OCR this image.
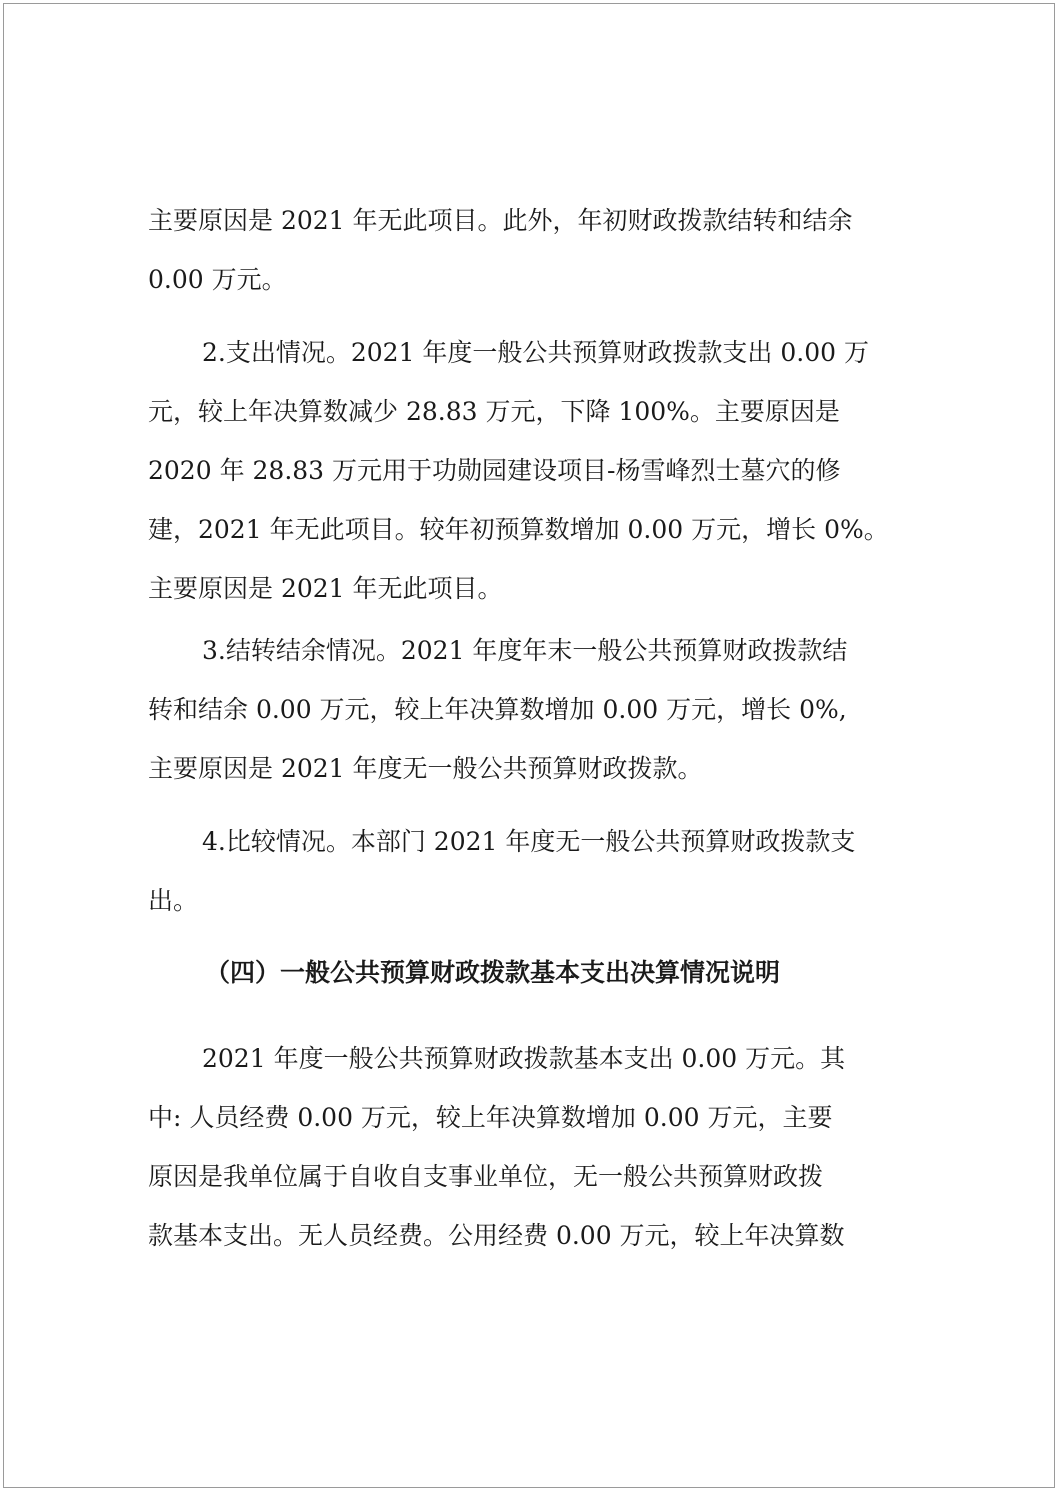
主要原因是 2021 年无此项目。此外，年初财政拨款结转和结余
0.00 万元。
2.支出情况。2021 年度一般公共预算财政拨款支出 0.00 万
元，较上年决算数减少 28.83 万元，下降 100%。主要原因是
2020 年 28.83 万元用于功勋园建设项目-杨雪峰烈士墓穴的修
建，2021 年无此项目。较年初预算数增加 0.00 万元，增长 0%。
主要原因是 2021 年无此项目。
3.结转结余情况。2021 年度年末一般公共预算财政拨款结
转和结余 0.00 万元，较上年决算数增加 0.00 万元，增长 0%,
主要原因是 2021 年度无一般公共预算财政拨款。
4.比较情况。本部门 2021 年度无一般公共预算财政拨款支
出。
（四）一般公共预算财政拨款基本支出决算情况说明
2021 年度一般公共预算财政拨款基本支出 0.00 万元。其
中: 人员经费 0.00 万元，较上年决算数增加 0.00 万元，主要
原因是我单位属于自收自支事业单位，无一般公共预算财政拨
款基本支出。无人员经费。公用经费 0.00 万元，较上年决算数
